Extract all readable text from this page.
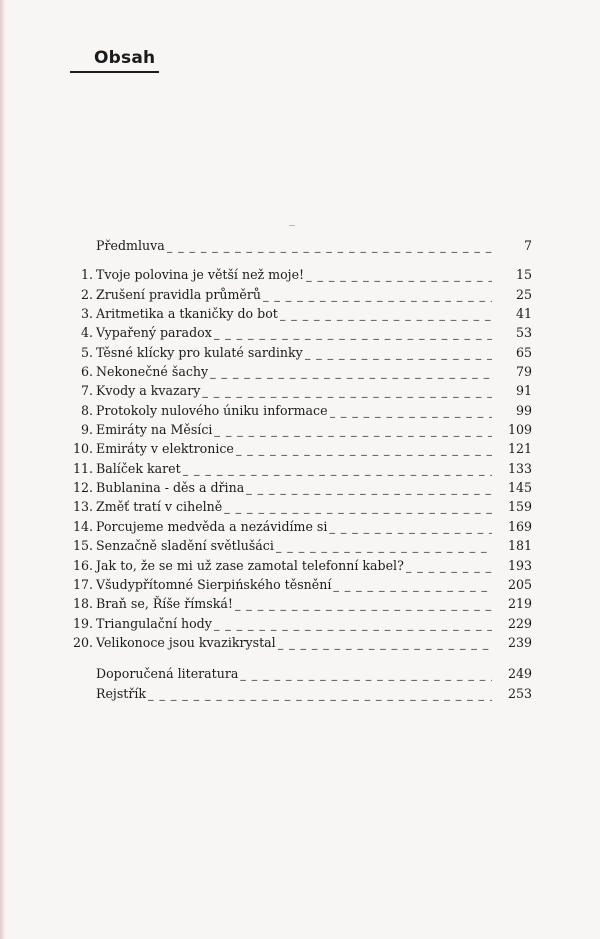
Obsah
Předmluva _ _ _	7
1. Tvoje polovina je větší než moje! _ _ _	15
2. Zrušení pravidla průměrů _ _ _	25
3. Aritmetika a tkaničky do bot _ _ _	41
4. Vypařený paradox _ _ _	53
5. Těsné klícky pro kulaté sardinky _ _ _	65
6. Nekonečné šachy _ _ _	79
7. Kvody a kvazary _ _ _	91
8. Protokoly nulového úniku informace _ _ _	99
9. Emiráty na Měsíci _ _ _	109
10. Emiráty v elektronice _ _ _	121
11. Balíček karet _ _ _	133
12. Bublanina - děs a dřina _ _ _	145
13. Změť tratí v cihelně _ _ _	159
14. Porcujeme medvěda a nezávidíme si _ _ _	169
15. Senzačně sladění světlušáci _ _ _	181
16. Jak to, že se mi už zase zamotal telefonní kabel? _ _ _	193
17. Všudypřítomné Sierpińského těsnění _ _ _	205
18. Braň se, Říše římská! _ _ _	219
19. Triangulační hody _ _ _	229
20. Velikonoce jsou kvazikrystal _ _ _	239
Doporučená literatura _ _ _	249
Rejstřík _ _ _	253
